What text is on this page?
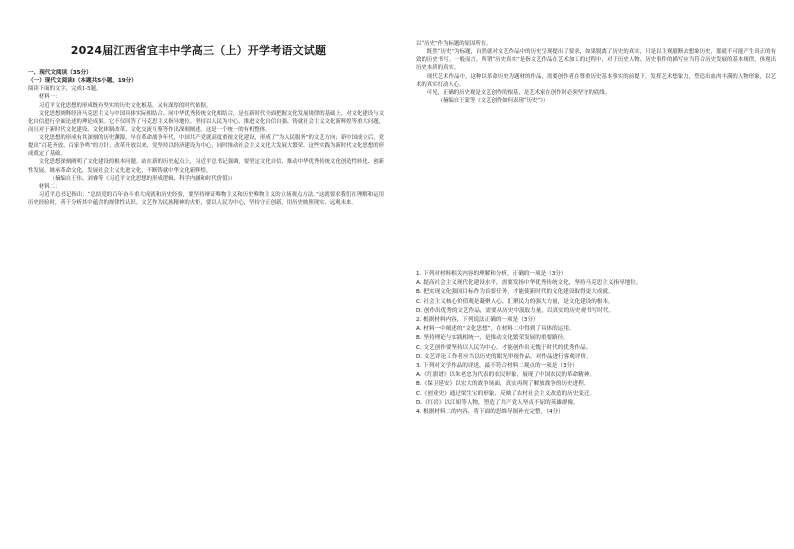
2024届江西省宜丰中学高三（上）开学考语文试题

一、现代文阅读（35分）

（一）现代文阅读Ⅰ（本题共5小题，19分）

阅读下面的文字，完成1-5题。

材料一：

习近平文化思想的形成既有坚实的历史文化根基，又有深厚的时代依据。

文化思想阐释经济马克思主义与中国具体实际相结合、同中华优秀传统文化相结合，是在新时代全面把握文化发展规律的基础上，对文化建设与文化自信进行全面论述的理论成果。它不仅回答了马克思主义指导地位、坚持以人民为中心、推进文化自信自强、铸就社会主义文化新辉煌等重大问题，而且对于新时代文化建设、文化体制改革、文化交流互鉴等作出深刻阐述。这是一个统一的有机整体。

文化思想的形成有其深刻的历史渊源。早在革命战争年代，中国共产党就高度重视文化建设，形成了“为人民服务”的文艺方向；新中国成立后，党提出“百花齐放、百家争鸣”的方针；改革开放以来，党坚持以经济建设为中心，同时推动社会主义文化大发展大繁荣。这些实践为新时代文化思想的形成奠定了基础。

文化思想深刻阐明了文化建设的根本问题。站在新的历史起点上，习近平总书记强调，要坚定文化自信，推动中华优秀传统文化创造性转化、创新性发展，继承革命文化，发展社会主义先进文化，不断铸就中华文化新辉煌。

（摘编自王伟、刘睿等《习近平文化思想的形成逻辑、科学内涵和时代价值》）

材料二：

习近平总书记指出：“总结党的百年奋斗重大成就和历史经验，要坚持辩证唯物主义和历史唯物主义的立场观点方法。”这就要求我们在理解和运用历史经验时，善于分析其中蕴含的规律性认识。文艺作为民族精神的火炬，要以人民为中心，坚持守正创新，用历史映照现实、远观未来。

以“历史”作为标题的原因所在。

既然“历史”为标题，自然就对文艺作品中的历史呈现提出了要求，如果脱离了历史的真实，只是以主观臆断去想象历史，那就不可能产生真正的有效的历史书写。一般而言，所谓“历史真实”是指文艺作品在艺术加工的过程中，对于历史人物、历史事件的描写应当符合历史发展的基本规律，体现出历史本质的真实。

现代艺术作品中，这种以革命历史为题材的作品，需要创作者在尊重历史基本事实的前提下，发挥艺术想象力，塑造出血肉丰满的人物形象，以艺术的真实打动人心。

可见，正确的历史观是文艺创作的根基，是艺术家在创作时必须坚守的底线。

（摘编自王蒙等《文艺创作如何表现“历史”》）

1. 下列对材料相关内容的理解和分析，正确的一项是（3分）

A. 提高社会主义现代化建设水平，需要发扬中华优秀传统文化，坚持马克思主义指导地位。

B. 把实现文化强国目标作为首要任务，才能使新时代的文化建设取得更大成就。

C. 社会主义核心价值观是凝聚人心、汇聚民力的强大力量，是文化建设的根本。

D. 创作出优秀的文艺作品，需要从历史中汲取力量，以真实的历史观书写时代。

2. 根据材料内容，下列说法正确的一项是（3分）

A. 材料一中阐述的“文化思想”，在材料二中得到了具体的运用。

B. 坚持理论与实践相统一，是推动文化繁荣发展的重要路径。

C. 文艺创作要坚持以人民为中心，才能创作出无愧于时代的优秀作品。

D. 文艺评论工作者应当以历史的眼光审视作品，对作品进行客观评价。

3. 下列对文学作品的评述，最不符合材料二观点的一项是（3分）

A.《红旗谱》以朱老忠为代表的农民形象，展现了中国农民的革命精神。

B.《保卫延安》以宏大的战争场面，真实再现了解放战争的历史进程。

C.《创业史》通过梁生宝的形象，反映了农村社会主义改造的历史变迁。

D.《红岩》以江姐等人物，塑造了共产党人坚贞不屈的英雄群像。

4. 根据材料二的内容，将下面的思维导图补充完整。（4分）
